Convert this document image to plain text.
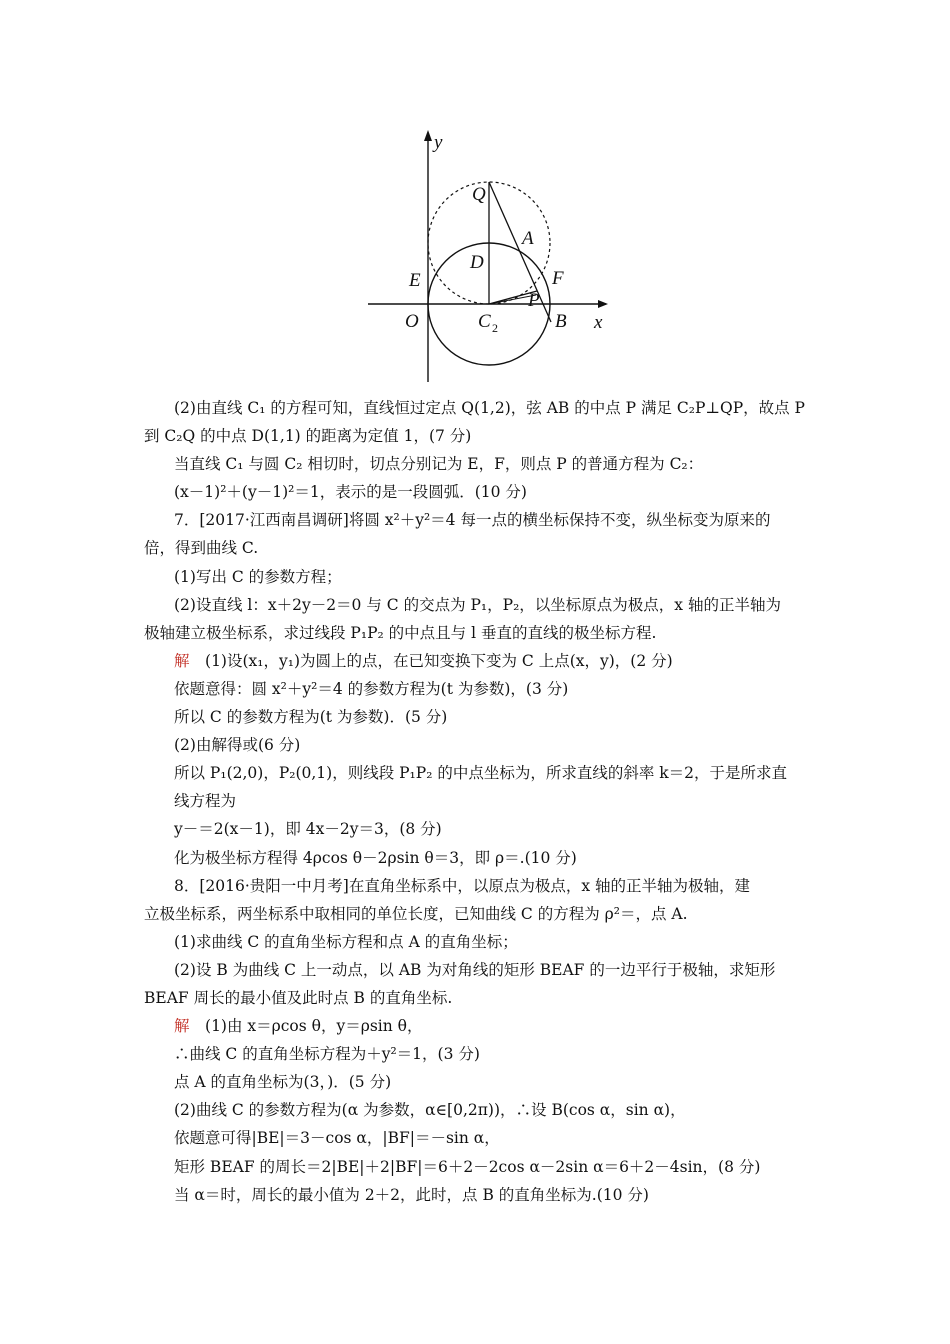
y
x
Q
A
D
E	F
P
O	C 2	B
(2)由直线 C₁ 的方程可知，直线恒过定点 Q(1,2)，弦 AB 的中点 P 满足 C₂P⊥QP，故点 P
到 C₂Q 的中点 D(1,1) 的距离为定值 1，(7 分)
当直线 C₁ 与圆 C₂ 相切时，切点分别记为 E，F，则点 P 的普通方程为 C₂：
(x－1)²＋(y－1)²＝1，表示的是一段圆弧．(10 分)
7．[2017·江西南昌调研]将圆 x²＋y²＝4 每一点的横坐标保持不变，纵坐标变为原来的
倍，得到曲线 C.
(1)写出 C 的参数方程；
(2)设直线 l：x＋2y－2＝0 与 C 的交点为 P₁，P₂，以坐标原点为极点，x 轴的正半轴为
极轴建立极坐标系，求过线段 P₁P₂ 的中点且与 l 垂直的直线的极坐标方程.
解　(1)设(x₁，y₁)为圆上的点，在已知变换下变为 C 上点(x，y)，(2 分)
依题意得：圆 x²＋y²＝4 的参数方程为(t 为参数)，(3 分)
所以 C 的参数方程为(t 为参数)．(5 分)
(2)由解得或(6 分)
所以 P₁(2,0)，P₂(0,1)，则线段 P₁P₂ 的中点坐标为，所求直线的斜率 k＝2，于是所求直
线方程为
y－＝2(x－1)，即 4x－2y＝3，(8 分)
化为极坐标方程得 4ρcos θ－2ρsin θ＝3，即 ρ＝.(10 分)
8．[2016·贵阳一中月考]在直角坐标系中，以原点为极点，x 轴的正半轴为极轴，建
立极坐标系，两坐标系中取相同的单位长度，已知曲线 C 的方程为 ρ²＝，点 A.
(1)求曲线 C 的直角坐标方程和点 A 的直角坐标；
(2)设 B 为曲线 C 上一动点，以 AB 为对角线的矩形 BEAF 的一边平行于极轴，求矩形
BEAF 周长的最小值及此时点 B 的直角坐标.
解　(1)由 x＝ρcos θ，y＝ρsin θ，
∴曲线 C 的直角坐标方程为＋y²＝1，(3 分)
点 A 的直角坐标为(3，)．(5 分)
(2)曲线 C 的参数方程为(α 为参数，α∈[0,2π))，∴设 B(cos α，sin α)，
依题意可得|BE|＝3－cos α，|BF|＝－sin α，
矩形 BEAF 的周长＝2|BE|＋2|BF|＝6＋2－2cos α－2sin α＝6＋2－4sin，(8 分)
当 α＝时，周长的最小值为 2＋2，此时，点 B 的直角坐标为.(10 分)
